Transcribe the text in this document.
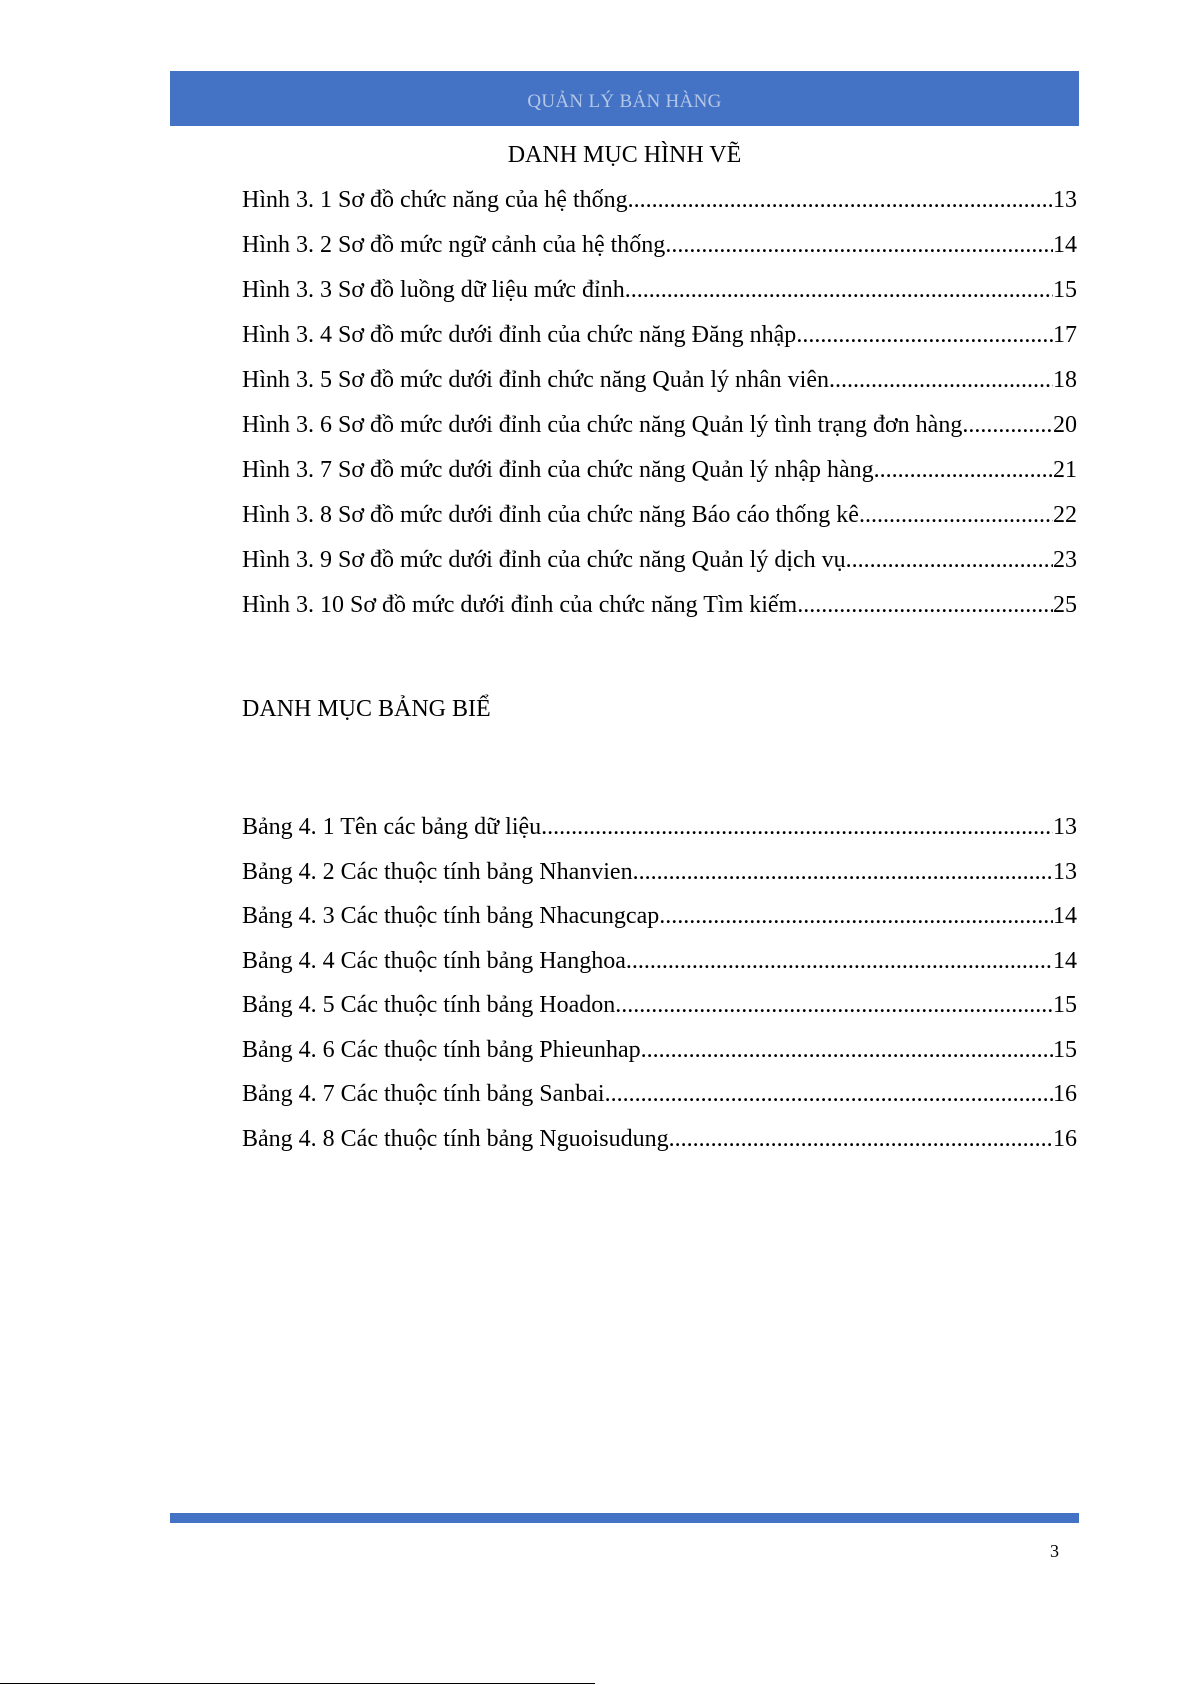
QUẢN LÝ BÁN HÀNG
DANH MỤC HÌNH VẼ
Hình 3. 1 Sơ đồ chức năng của hệ thống .....	13
Hình 3. 2 Sơ đồ mức ngữ cảnh của hệ thống .....	14
Hình 3. 3 Sơ đồ luồng dữ liệu mức đỉnh .....	15
Hình 3. 4 Sơ đồ mức dưới đỉnh của chức năng Đăng nhập .....	17
Hình 3. 5 Sơ đồ mức dưới đỉnh chức năng Quản lý nhân viên .....	18
Hình 3. 6 Sơ đồ mức dưới đỉnh của chức năng Quản lý tình trạng đơn hàng .....	20
Hình 3. 7 Sơ đồ mức dưới đỉnh của chức năng Quản lý nhập hàng .....	21
Hình 3. 8 Sơ đồ mức dưới đỉnh của chức năng Báo cáo thống kê .....	22
Hình 3. 9 Sơ đồ mức dưới đỉnh của chức năng Quản lý dịch vụ .....	23
Hình 3. 10 Sơ đồ mức dưới đỉnh của chức năng Tìm kiếm .....	25
DANH MỤC BẢNG BIỂ
Bảng 4. 1 Tên các bảng dữ liệu .....	13
Bảng 4. 2 Các thuộc tính bảng Nhanvien .....	13
Bảng 4. 3 Các thuộc tính bảng Nhacungcap .....	14
Bảng 4. 4 Các thuộc tính bảng Hanghoa .....	14
Bảng 4. 5 Các thuộc tính bảng Hoadon .....	15
Bảng 4. 6 Các thuộc tính bảng Phieunhap .....	15
Bảng 4. 7 Các thuộc tính bảng Sanbai .....	16
Bảng 4. 8 Các thuộc tính bảng Nguoisudung .....	16
3
